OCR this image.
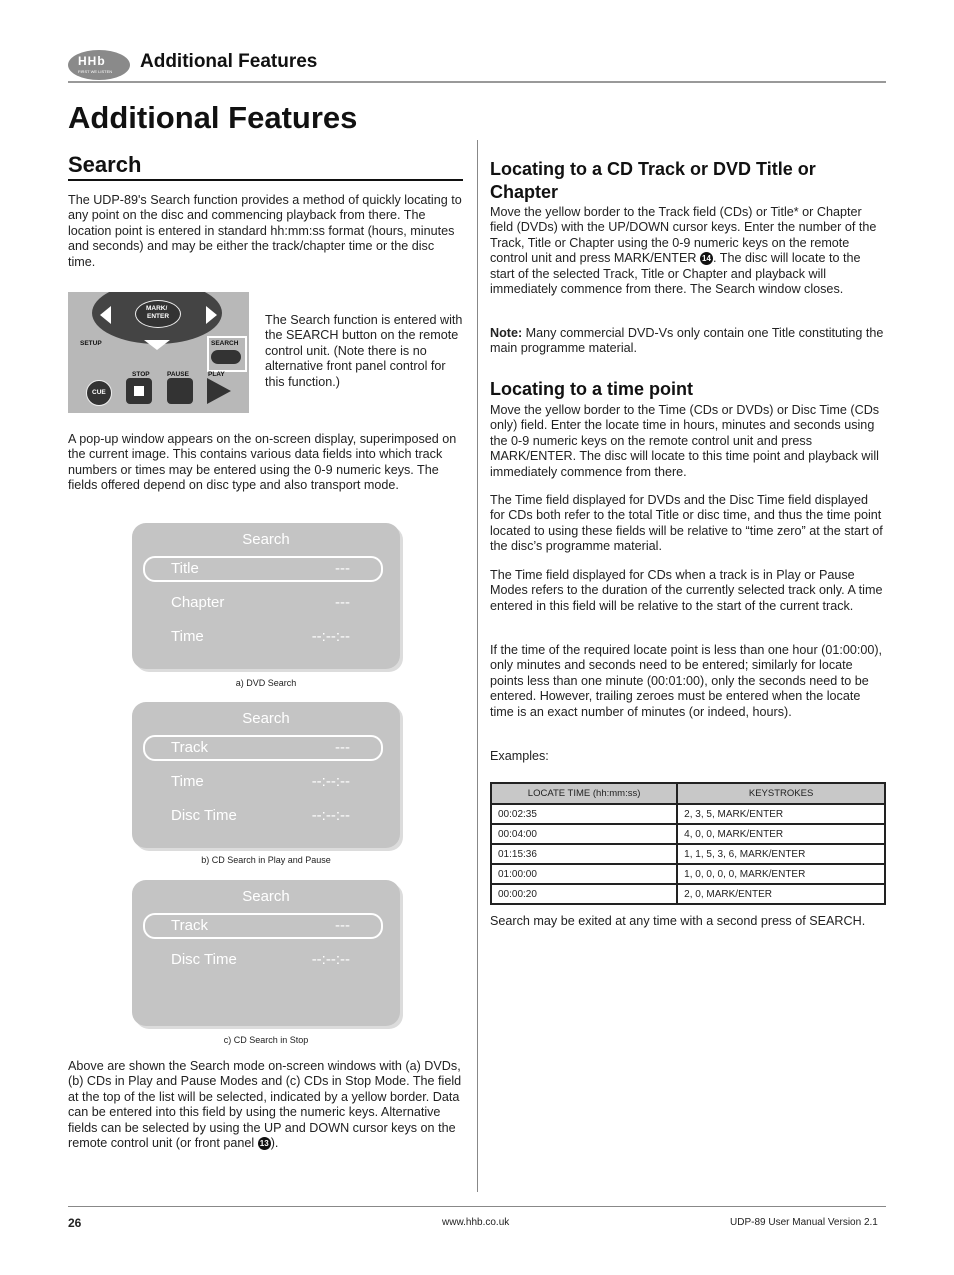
HHb
FIRST WE LISTEN Additional Features
Additional Features
Search
The UDP-89's Search function provides a method of quickly locating to any point on the disc and commencing playback from there. The location point is entered in standard hh:mm:ss format (hours, minutes and seconds) and may be either the track/chapter time or the disc time.
MARK/
ENTER
SETUP	SEARCH
STOP	PAUSE	PLAY
CUE
The Search function is entered with the SEARCH button on the remote control unit. (Note there is no alternative front panel control for this function.)
A pop-up window appears on the on-screen display, superimposed on the current image. This contains various data fields into which track numbers or times may be entered using the 0-9 numeric keys. The fields offered depend on disc type and also transport mode.
Search
Title	---
Chapter	---
Time	--:--:--
a) DVD Search
Search
Track	---
Time	--:--:--
Disc Time	--:--:--
b) CD Search in Play and Pause
Search
Track	---
Disc Time	--:--:--
c) CD Search in Stop
Above are shown the Search mode on-screen windows with (a) DVDs, (b) CDs in Play and Pause Modes and (c) CDs in Stop Mode. The field at the top of the list will be selected, indicated by a yellow border. Data can be entered into this field by using the numeric keys. Alternative fields can be selected by using the UP and DOWN cursor keys on the remote control unit (or front panel 13 ).
Locating to a CD Track or DVD Title or Chapter
Move the yellow border to the Track field (CDs) or Title* or Chapter field (DVDs) with the UP/DOWN cursor keys. Enter the number of the Track, Title or Chapter using the 0-9 numeric keys on the remote control unit and press MARK/ENTER 14 . The disc will locate to the start of the selected Track, Title or Chapter and playback will immediately commence from there. The Search window closes.
Note: Many commercial DVD-Vs only contain one Title constituting the main programme material.
Locating to a time point
Move the yellow border to the Time (CDs or DVDs) or Disc Time (CDs only) field. Enter the locate time in hours, minutes and seconds using the 0-9 numeric keys on the remote control unit and press MARK/ENTER. The disc will locate to this time point and playback will immediately commence from there.
The Time field displayed for DVDs and the Disc Time field displayed for CDs both refer to the total Title or disc time, and thus the time point located to using these fields will be relative to “time zero” at the start of the disc’s programme material.
The Time field displayed for CDs when a track is in Play or Pause Modes refers to the duration of the currently selected track only. A time entered in this field will be relative to the start of the current track.
If the time of the required locate point is less than one hour (01:00:00), only minutes and seconds need to be entered; similarly for locate points less than one minute (00:01:00), only the seconds need to be entered. However, trailing zeroes must be entered when the locate time is an exact number of minutes (or indeed, hours).
Examples:
LOCATE TIME (hh:mm:ss)	KEYSTROKES
00:02:35	2, 3, 5, MARK/ENTER
00:04:00	4, 0, 0, MARK/ENTER
01:15:36	1, 1, 5, 3, 6, MARK/ENTER
01:00:00	1, 0, 0, 0, 0, MARK/ENTER
00:00:20	2, 0, MARK/ENTER
Search may be exited at any time with a second press of SEARCH.
26	www.hhb.co.uk	UDP-89 User Manual Version 2.1
